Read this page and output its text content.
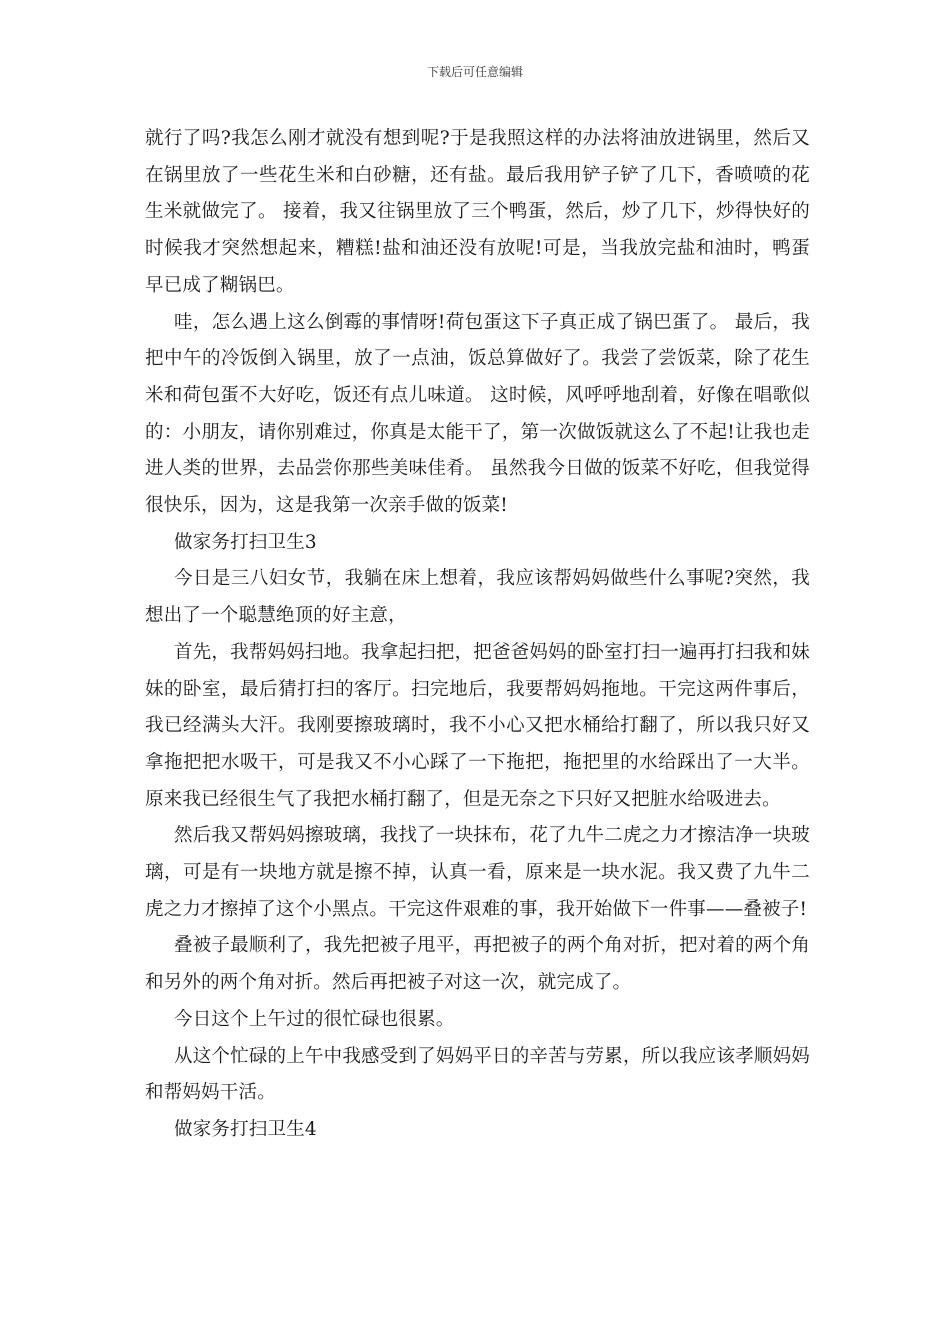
下载后可任意编辑

就行了吗?我怎么刚才就没有想到呢?于是我照这样的办法将油放进锅里，然后又在锅里放了一些花生米和白砂糖，还有盐。最后我用铲子铲了几下，香喷喷的花生米就做完了。 接着，我又往锅里放了三个鸭蛋，然后，炒了几下，炒得快好的时候我才突然想起来，糟糕!盐和油还没有放呢!可是，当我放完盐和油时，鸭蛋早已成了糊锅巴。

哇，怎么遇上这么倒霉的事情呀!荷包蛋这下子真正成了锅巴蛋了。 最后，我把中午的冷饭倒入锅里，放了一点油，饭总算做好了。我尝了尝饭菜，除了花生米和荷包蛋不大好吃，饭还有点儿味道。 这时候，风呼呼地刮着，好像在唱歌似的：小朋友，请你别难过，你真是太能干了，第一次做饭就这么了不起!让我也走进人类的世界，去品尝你那些美味佳肴。 虽然我今日做的饭菜不好吃，但我觉得很快乐，因为，这是我第一次亲手做的饭菜!

做家务打扫卫生3

今日是三八妇女节，我躺在床上想着，我应该帮妈妈做些什么事呢?突然，我想出了一个聪慧绝顶的好主意，

首先，我帮妈妈扫地。我拿起扫把，把爸爸妈妈的卧室打扫一遍再打扫我和妹妹的卧室，最后猜打扫的客厅。扫完地后，我要帮妈妈拖地。干完这两件事后，我已经满头大汗。我刚要擦玻璃时，我不小心又把水桶给打翻了，所以我只好又拿拖把把水吸干，可是我又不小心踩了一下拖把，拖把里的水给踩出了一大半。原来我已经很生气了我把水桶打翻了，但是无奈之下只好又把脏水给吸进去。

然后我又帮妈妈擦玻璃，我找了一块抹布，花了九牛二虎之力才擦洁净一块玻璃，可是有一块地方就是擦不掉，认真一看，原来是一块水泥。我又费了九牛二虎之力才擦掉了这个小黑点。干完这件艰难的事，我开始做下一件事——叠被子!

叠被子最顺利了，我先把被子甩平，再把被子的两个角对折，把对着的两个角和另外的两个角对折。然后再把被子对这一次，就完成了。

今日这个上午过的很忙碌也很累。

从这个忙碌的上午中我感受到了妈妈平日的辛苦与劳累，所以我应该孝顺妈妈和帮妈妈干活。

做家务打扫卫生4
